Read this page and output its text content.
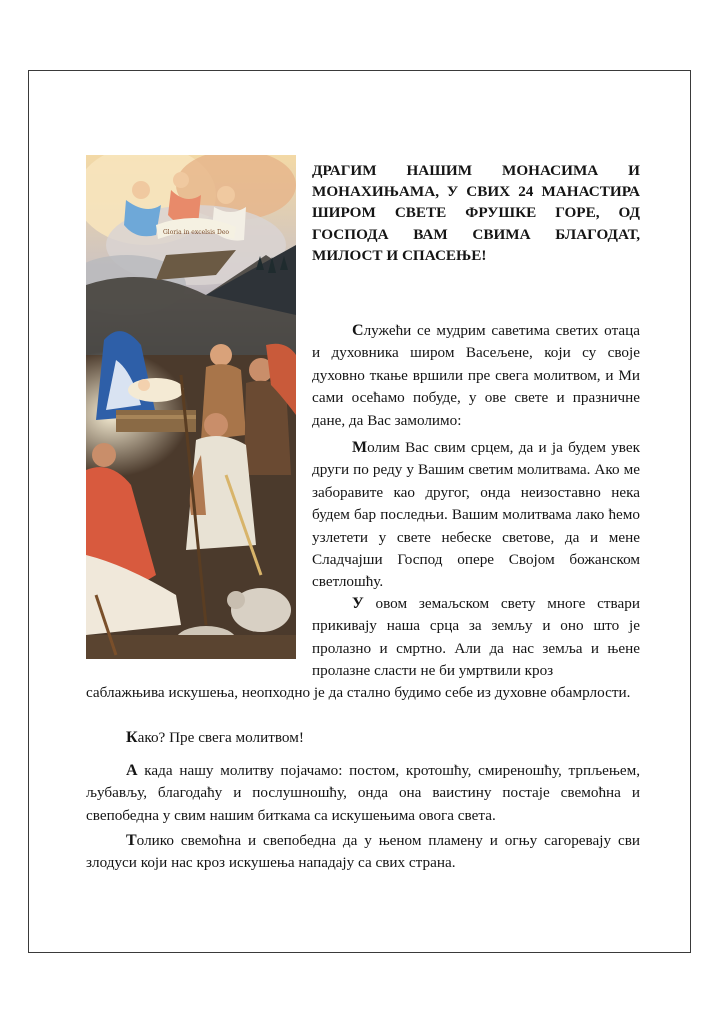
Gloria in excelsis Deo

ДРАГИМ НАШИМ МОНАСИМА И МОНАХИЊАМА, У СВИХ 24 МАНАСТИРА ШИРОМ СВЕТЕ ФРУШКЕ ГОРЕ, ОД ГОСПОДА ВАМ СВИМА БЛАГОДАТ, МИЛОСТ И СПАСЕЊЕ!

Служећи се мудрим саветима светих отаца и духовника широм Васељене, који су своје духовно ткање вршили пре свега молитвом, и Ми сами осећамо побуде, у ове свете и празничне дане, да Вас замолимо:

Молим Вас свим срцем, да и ја будем увек други по реду у Вашим светим молитвама. Ако ме заборавите као другог, онда неизоставно нека будем бар последњи. Вашим молитвама лако ћемо узлетети у свете небеске светове, да и мене Сладчајши Господ опере Својом божанском светлошћу.

У овом земаљском свету многе ствари прикивају наша срца за земљу и оно што је пролазно и смртно. Али да нас земља и њене пролазне сласти не би умртвили кроз

саблажњива искушења, неопходно је да стално будимо себе из духовне обамрлости.

Како? Пре свега молитвом!

А када нашу молитву појачамо: постом, кротошћу, смиреношћу, трпљењем, љубављу, благодаћу и послушношћу, онда она ваистину постаје свемоћна и свепобедна у свим нашим биткама са искушењима овога света.

Толико свемоћна и свепобедна да у њеном пламену и огњу сагоревају сви злодуси који нас кроз искушења нападају са свих страна.
